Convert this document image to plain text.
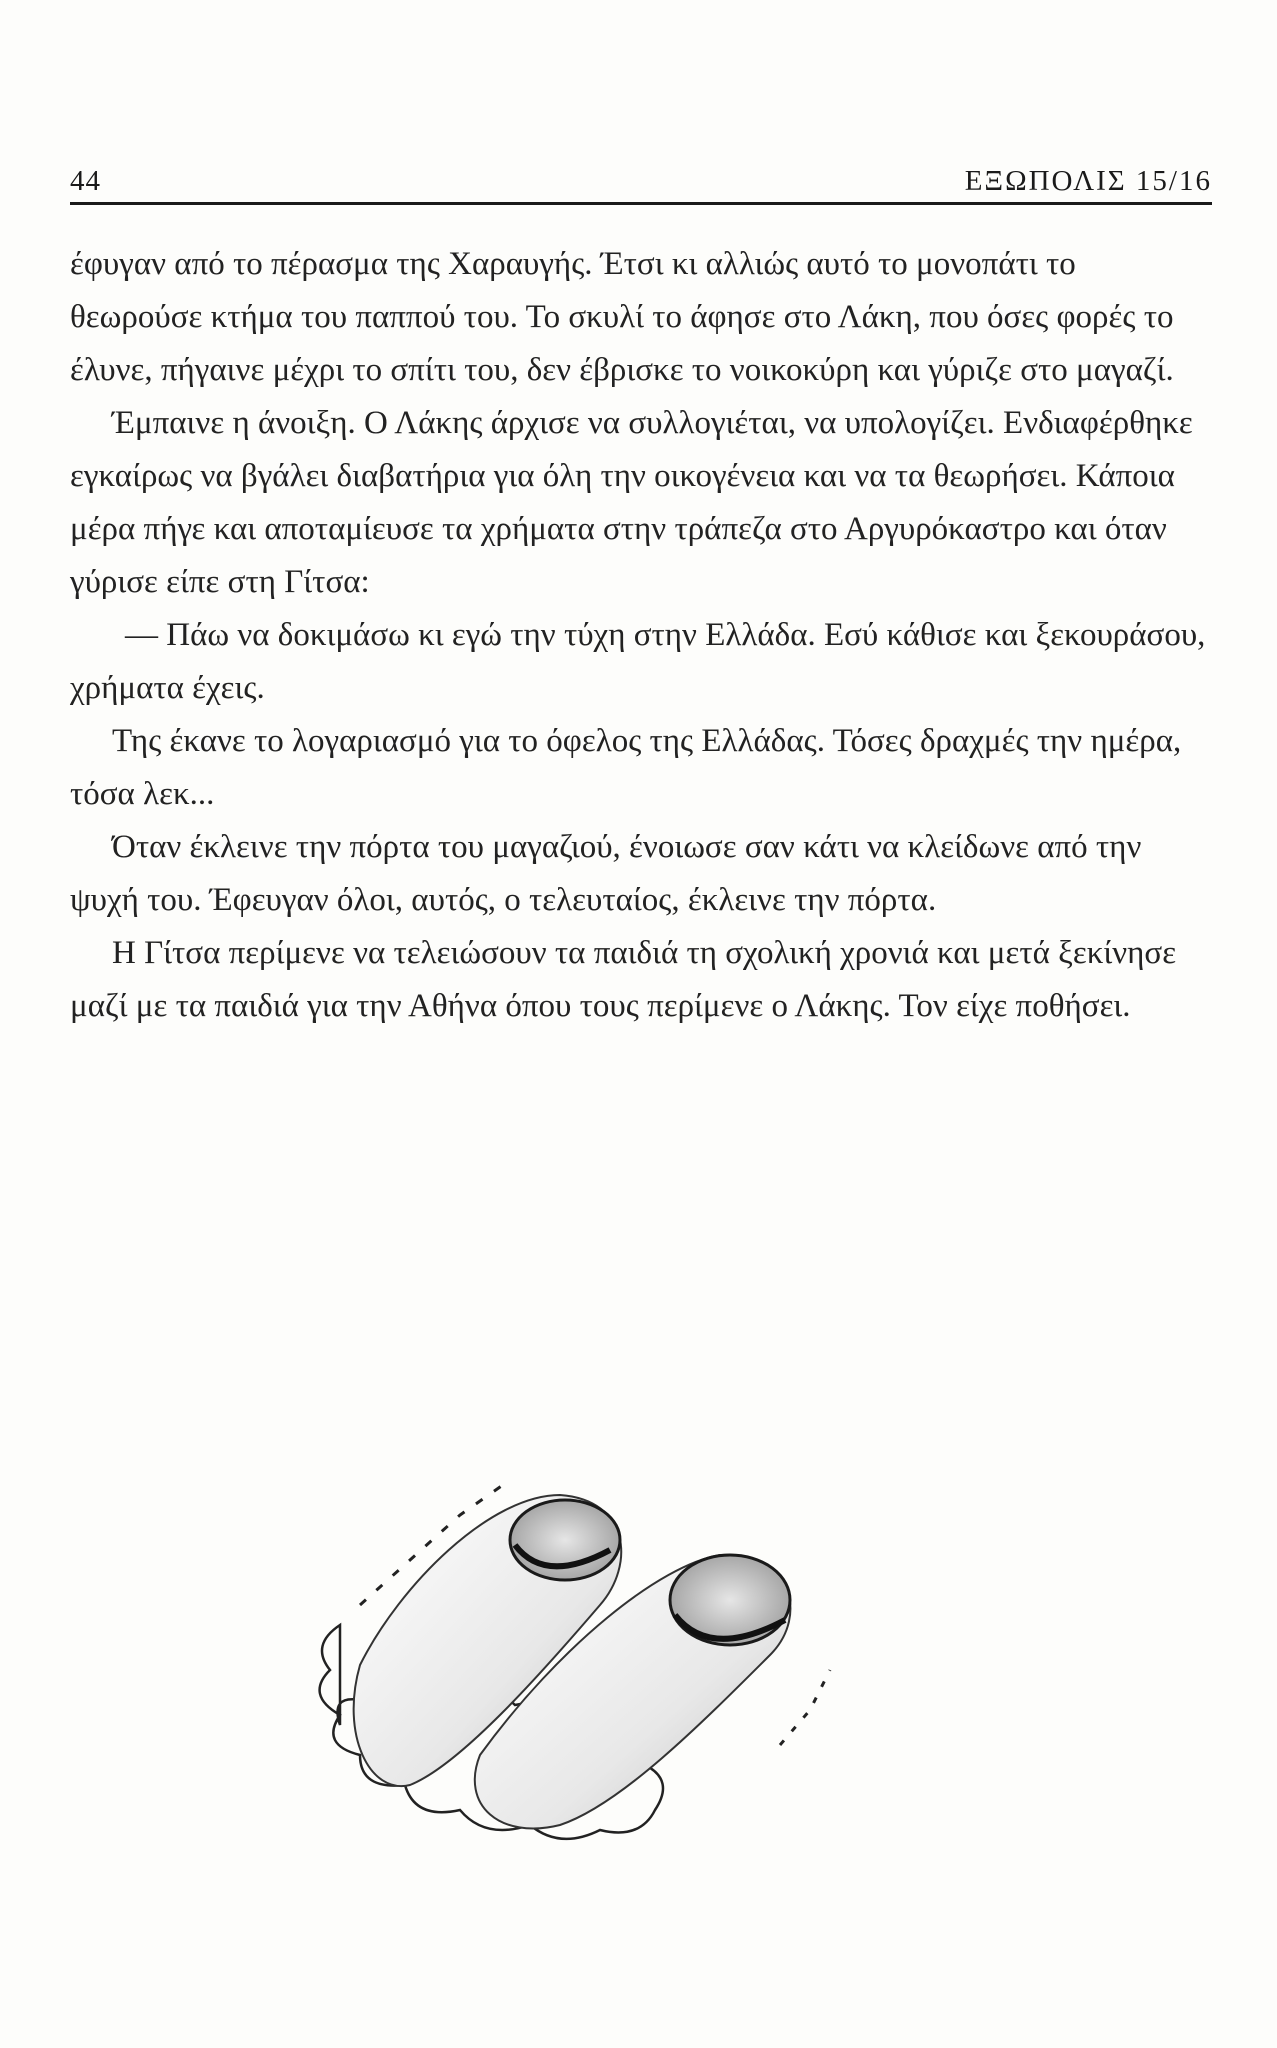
44	ΕΞΩΠΟΛΙΣ 15/16

έφυγαν από το πέρασμα της Χαραυγής. Έτσι κι αλλιώς αυτό το μονοπάτι το θεωρούσε κτήμα του παππού του. Το σκυλί το άφησε στο Λάκη, που όσες φορές το έλυνε, πήγαινε μέχρι το σπίτι του, δεν έβρισκε το νοικοκύρη και γύριζε στο μαγαζί.

Έμπαινε η άνοιξη. Ο Λάκης άρχισε να συλλογιέται, να υπολογίζει. Ενδιαφέρθηκε εγκαίρως να βγάλει διαβατήρια για όλη την οικογένεια και να τα θεωρήσει. Κάποια μέρα πήγε και αποταμίευσε τα χρήματα στην τράπεζα στο Αργυρόκαστρο και όταν γύρισε είπε στη Γίτσα:

— Πάω να δοκιμάσω κι εγώ την τύχη στην Ελλάδα. Εσύ κάθισε και ξεκουράσου, χρήματα έχεις.

Της έκανε το λογαριασμό για το όφελος της Ελλάδας. Τόσες δραχμές την ημέρα, τόσα λεκ...

Όταν έκλεινε την πόρτα του μαγαζιού, ένοιωσε σαν κάτι να κλείδωνε από την ψυχή του. Έφευγαν όλοι, αυτός, ο τελευταίος, έκλεινε την πόρτα.

Η Γίτσα περίμενε να τελειώσουν τα παιδιά τη σχολική χρονιά και μετά ξεκίνησε μαζί με τα παιδιά για την Αθήνα όπου τους περίμενε ο Λάκης. Τον είχε ποθήσει.
